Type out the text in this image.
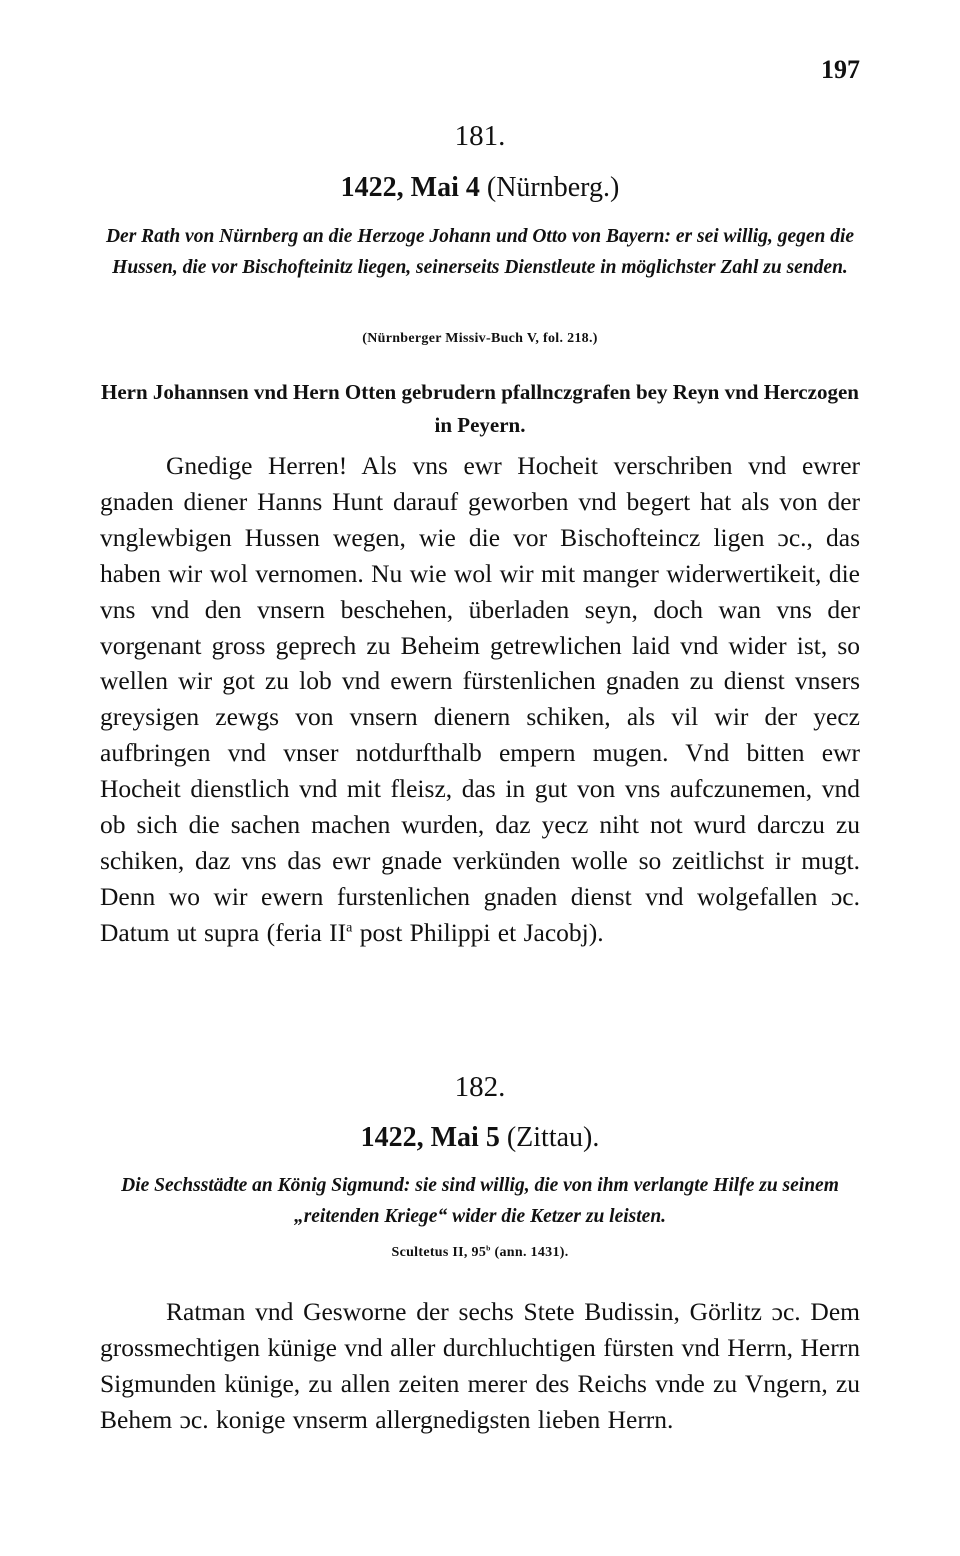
197
181.
1422, Mai 4 (Nürnberg.)
Der Rath von Nürnberg an die Herzoge Johann und Otto von Bayern: er sei willig, gegen die Hussen, die vor Bischofteinitz liegen, seinerseits Dienstleute in möglichster Zahl zu senden.
(Nürnberger Missiv-Buch V, fol. 218.)
Hern Johannsen vnd Hern Otten gebrudern pfallnczgrafen bey Reyn vnd Herczogen in Peyern.

Gnedige Herren! Als vns ewr Hocheit verschriben vnd ewrer gnaden diener Hanns Hunt darauf geworben vnd begert hat als von der vnglewbigen Hussen wegen, wie die vor Bischofteincz ligen ɔc., das haben wir wol vernomen. Nu wie wol wir mit manger widerwertikeit, die vns vnd den vnsern beschehen, überladen seyn, doch wan vns der vorgenant gross geprech zu Beheim getrewlichen laid vnd wider ist, so wellen wir got zu lob vnd ewern fürstenlichen gnaden zu dienst vnsers greysigen zewgs von vnsern dienern schiken, als vil wir der yecz aufbringen vnd vnser notdurfthalb empern mugen. Vnd bitten ewr Hocheit dienstlich vnd mit fleisz, das in gut von vns aufczunemen, vnd ob sich die sachen machen wurden, daz yecz niht not wurd darczu zu schiken, daz vns das ewr gnade verkünden wolle so zeitlichst ir mugt. Denn wo wir ewern furstenlichen gnaden dienst vnd wolgefallen ɔc. Datum ut supra (feria $II^a$ post Philippi et Jacobj).

182.
1422, Mai 5 (Zittau).
Die Sechsstädte an König Sigmund: sie sind willig, die von ihm verlangte Hilfe zu seinem „reitenden Kriege“ wider die Ketzer zu leisten.
Scultetus II, 95$^b$ (ann. 1431).

Ratman vnd Gesworne der sechs Stete Budissin, Görlitz ɔc. Dem grossmechtigen künige vnd aller durchluchtigen fürsten vnd Herrn, Herrn Sigmunden künige, zu allen zeiten merer des Reichs vnde zu Vngern, zu Behem ɔc. konige vnserm allergnedigsten lieben Herrn.
